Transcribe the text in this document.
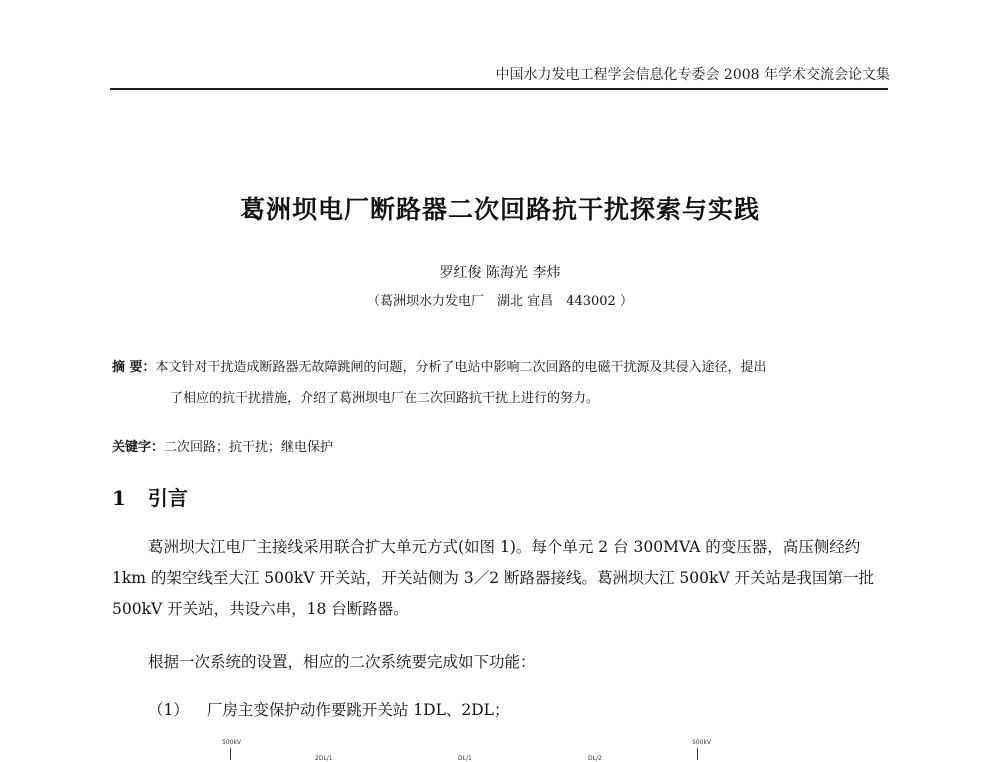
中国水力发电工程学会信息化专委会 2008 年学术交流会论文集
葛洲坝电厂断路器二次回路抗干扰探索与实践
罗红俊 陈海光 李炜
（葛洲坝水力发电厂　湖北 宜昌　443002 ）
摘 要：本文针对干扰造成断路器无故障跳闸的问题，分析了电站中影响二次回路的电磁干扰源及其侵入途径，提出
了相应的抗干扰措施，介绍了葛洲坝电厂在二次回路抗干扰上进行的努力。
关键字：二次回路；抗干扰；继电保护
1 引言
葛洲坝大江电厂主接线采用联合扩大单元方式(如图 1)。每个单元 2 台 300MVA 的变压器，高压侧经约 1km 的架空线至大江 500kV 开关站，开关站侧为 3／2 断路器接线。葛洲坝大江 500kV 开关站是我国第一批 500kV 开关站，共设六串，18 台断路器。
根据一次系统的设置，相应的二次系统要完成如下功能：
（1） 厂房主变保护动作要跳开关站 1DL、2DL；
500kV
2DL/1	DL/1	DL/2
500kV
